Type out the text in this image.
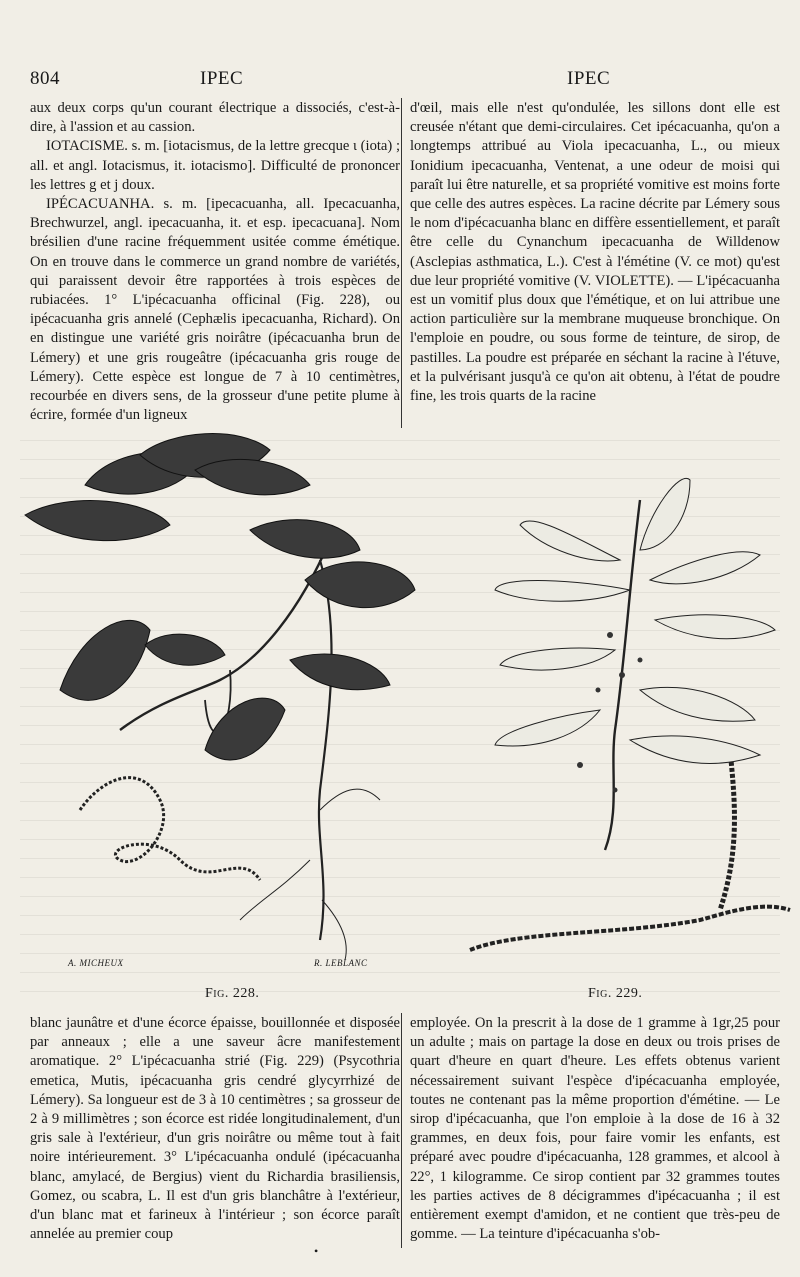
804	IPEC	IPEC

aux deux corps qu'un courant électrique a dissociés, c'est-à-dire, à l'assion et au cassion.

IOTACISME. s. m. [iotacismus, de la lettre grecque ι (iota) ; all. et angl. Iotacismus, it. iotacismo]. Difficulté de prononcer les lettres g et j doux.

IPÉCACUANHA. s. m. [ipecacuanha, all. Ipecacuanha, Brechwurzel, angl. ipecacuanha, it. et esp. ipecacuana]. Nom brésilien d'une racine fréquemment usitée comme émétique. On en trouve dans le commerce un grand nombre de variétés, qui paraissent devoir être rapportées à trois espèces de rubiacées. 1° L'ipécacuanha officinal (Fig. 228), ou ipécacuanha gris annelé (Cephælis ipecacuanha, Richard). On en distingue une variété gris noirâtre (ipécacuanha brun de Lémery) et une gris rougeâtre (ipécacuanha gris rouge de Lémery). Cette espèce est longue de 7 à 10 centimètres, recourbée en divers sens, de la grosseur d'une petite plume à écrire, formée d'un ligneux

d'œil, mais elle n'est qu'ondulée, les sillons dont elle est creusée n'étant que demi-circulaires. Cet ipécacuanha, qu'on a longtemps attribué au Viola ipecacuanha, L., ou mieux Ionidium ipecacuanha, Ventenat, a une odeur de moisi qui paraît lui être naturelle, et sa propriété vomitive est moins forte que celle des autres espèces. La racine décrite par Lémery sous le nom d'ipécacuanha blanc en diffère essentiellement, et paraît être celle du Cynanchum ipecacuanha de Willdenow (Asclepias asthmatica, L.). C'est à l'émétine (V. ce mot) qu'est due leur propriété vomitive (V. VIOLETTE). — L'ipécacuanha est un vomitif plus doux que l'émétique, et on lui attribue une action particulière sur la membrane muqueuse bronchique. On l'emploie en poudre, ou sous forme de teinture, de sirop, de pastilles. La poudre est préparée en séchant la racine à l'étuve, et la pulvérisant jusqu'à ce qu'on ait obtenu, à l'état de poudre fine, les trois quarts de la racine

A. MICHEUX	R. LEBLANC
Fig. 228.	Fig. 229.

blanc jaunâtre et d'une écorce épaisse, bouillonnée et disposée par anneaux ; elle a une saveur âcre manifestement aromatique. 2° L'ipécacuanha strié (Fig. 229) (Psycothria emetica, Mutis, ipécacuanha gris cendré glycyrrhizé de Lémery). Sa longueur est de 3 à 10 centimètres ; sa grosseur de 2 à 9 millimètres ; son écorce est ridée longitudinalement, d'un gris sale à l'extérieur, d'un gris noirâtre ou même tout à fait noire intérieurement. 3° L'ipécacuanha ondulé (ipécacuanha blanc, amylacé, de Bergius) vient du Richardia brasiliensis, Gomez, ou scabra, L. Il est d'un gris blanchâtre à l'extérieur, d'un blanc mat et farineux à l'intérieur ; son écorce paraît annelée au premier coup

employée. On la prescrit à la dose de 1 gramme à 1gr,25 pour un adulte ; mais on partage la dose en deux ou trois prises de quart d'heure en quart d'heure. Les effets obtenus varient nécessairement suivant l'espèce d'ipécacuanha employée, toutes ne contenant pas la même proportion d'émétine. — Le sirop d'ipécacuanha, que l'on emploie à la dose de 16 à 32 grammes, en deux fois, pour faire vomir les enfants, est préparé avec poudre d'ipécacuanha, 128 grammes, et alcool à 22°, 1 kilogramme. Ce sirop contient par 32 grammes toutes les parties actives de 8 décigrammes d'ipécacuanha ; il est entièrement exempt d'amidon, et ne contient que très-peu de gomme. — La teinture d'ipécacuanha s'ob-

•
